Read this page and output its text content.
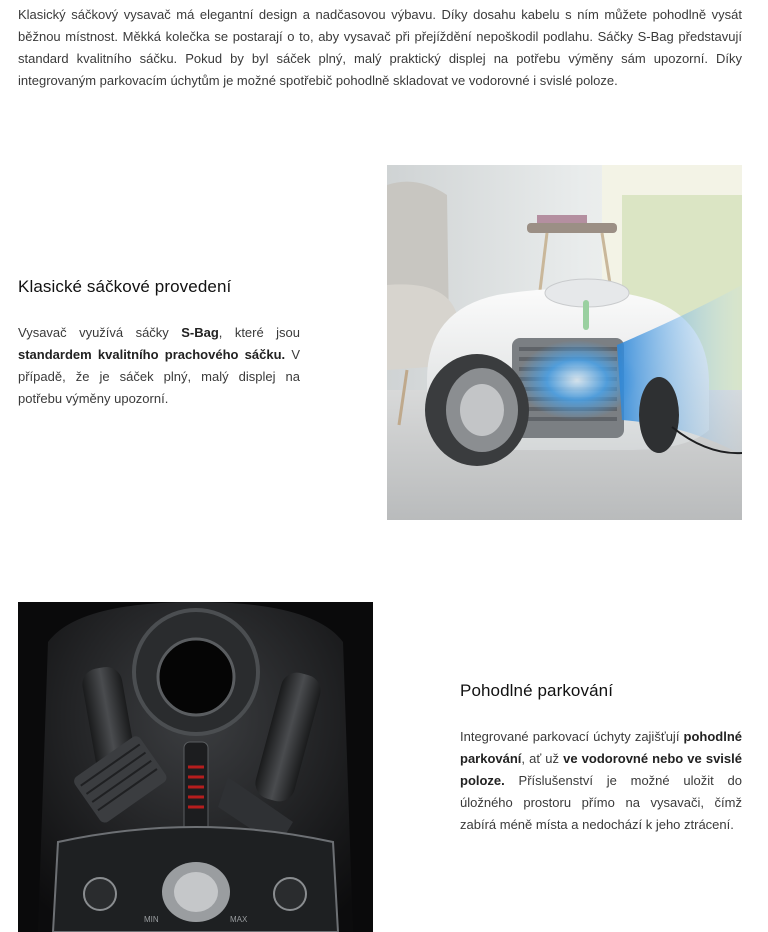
Klasický sáčkový vysavač má elegantní design a nadčasovou výbavu. Díky dosahu kabelu s ním můžete pohodlně vysát běžnou místnost. Měkká kolečka se postarají o to, aby vysavač při přejíždění nepoškodil podlahu. Sáčky S-Bag představují standard kvalitního sáčku. Pokud by byl sáček plný, malý praktický displej na potřebu výměny sám upozorní. Díky integrovaným parkovacím úchytům je možné spotřebič pohodlně skladovat ve vodorovné i svislé poloze.

Klasické sáčkové provedení

Vysavač využívá sáčky S-Bag, které jsou standardem kvalitního prachového sáčku. V případě, že je sáček plný, malý displej na potřebu výměny upozorní.

MIN	MAX
Pohodlné parkování

Integrované parkovací úchyty zajišťují pohodlné parkování, ať už ve vodorovné nebo ve svislé poloze. Příslušenství je možné uložit do úložného prostoru přímo na vysavači, čímž zabírá méně místa a nedochází k jeho ztrácení.
